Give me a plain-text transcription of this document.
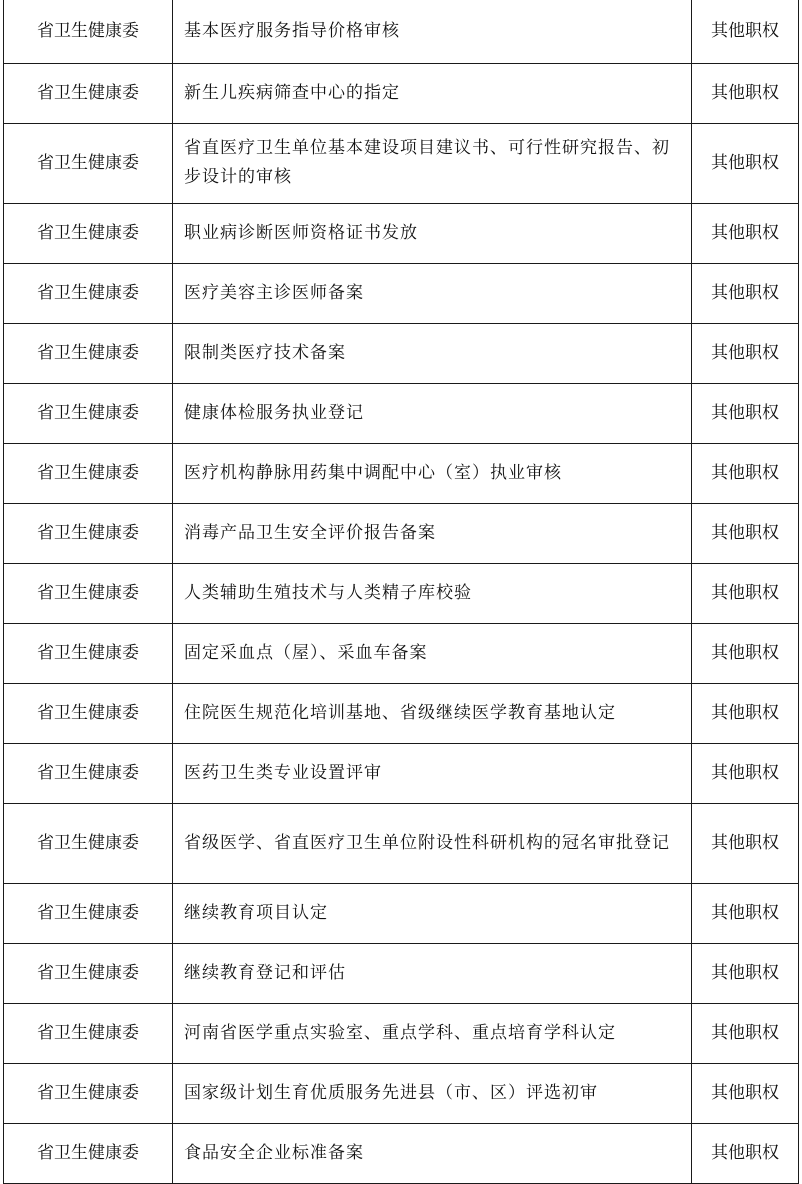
省卫生健康委	基本医疗服务指导价格审核	其他职权
省卫生健康委	新生儿疾病筛查中心的指定	其他职权
省卫生健康委	省直医疗卫生单位基本建设项目建议书、可行性研究报告、初步设计的审核	其他职权
省卫生健康委	职业病诊断医师资格证书发放	其他职权
省卫生健康委	医疗美容主诊医师备案	其他职权
省卫生健康委	限制类医疗技术备案	其他职权
省卫生健康委	健康体检服务执业登记	其他职权
省卫生健康委	医疗机构静脉用药集中调配中心（室）执业审核	其他职权
省卫生健康委	消毒产品卫生安全评价报告备案	其他职权
省卫生健康委	人类辅助生殖技术与人类精子库校验	其他职权
省卫生健康委	固定采血点（屋）、采血车备案	其他职权
省卫生健康委	住院医生规范化培训基地、省级继续医学教育基地认定	其他职权
省卫生健康委	医药卫生类专业设置评审	其他职权
省卫生健康委	省级医学、省直医疗卫生单位附设性科研机构的冠名审批登记	其他职权
省卫生健康委	继续教育项目认定	其他职权
省卫生健康委	继续教育登记和评估	其他职权
省卫生健康委	河南省医学重点实验室、重点学科、重点培育学科认定	其他职权
省卫生健康委	国家级计划生育优质服务先进县（市、区）评选初审	其他职权
省卫生健康委	食品安全企业标准备案	其他职权
